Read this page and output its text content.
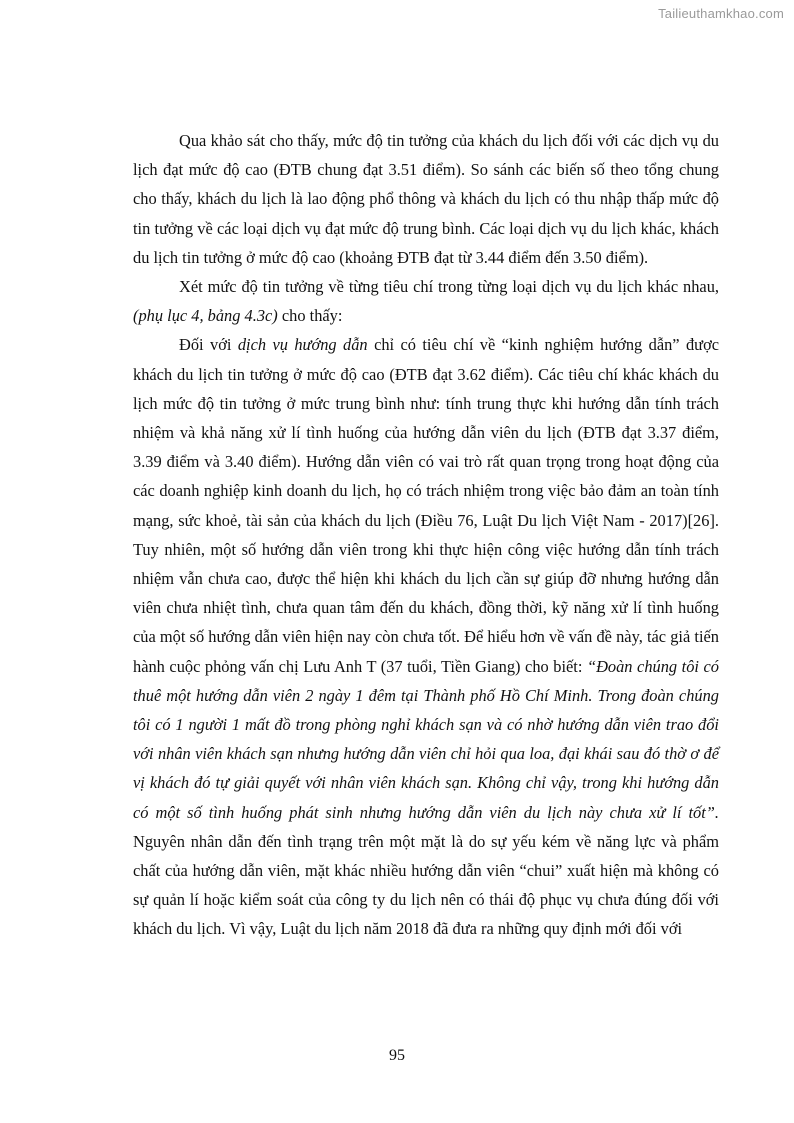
Tailieuthamkhao.com

Qua khảo sát cho thấy, mức độ tin tưởng của khách du lịch đối với các dịch vụ du lịch đạt mức độ cao (ĐTB chung đạt 3.51 điểm). So sánh các biến số theo tổng chung cho thấy, khách du lịch là lao động phổ thông và khách du lịch có thu nhập thấp mức độ tin tưởng về các loại dịch vụ đạt mức độ trung bình. Các loại dịch vụ du lịch khác, khách du lịch tin tưởng ở mức độ cao (khoảng ĐTB đạt từ 3.44 điểm đến 3.50 điểm).

Xét mức độ tin tưởng về từng tiêu chí trong từng loại dịch vụ du lịch khác nhau, (phụ lục 4, bảng 4.3c) cho thấy:

Đối với dịch vụ hướng dẫn chỉ có tiêu chí về “kinh nghiệm hướng dẫn” được khách du lịch tin tưởng ở mức độ cao (ĐTB đạt 3.62 điểm). Các tiêu chí khác khách du lịch mức độ tin tưởng ở mức trung bình như: tính trung thực khi hướng dẫn tính trách nhiệm và khả năng xử lí tình huống của hướng dẫn viên du lịch (ĐTB đạt 3.37 điểm, 3.39 điểm và 3.40 điểm). Hướng dẫn viên có vai trò rất quan trọng trong hoạt động của các doanh nghiệp kinh doanh du lịch, họ có trách nhiệm trong việc bảo đảm an toàn tính mạng, sức khoẻ, tài sản của khách du lịch (Điều 76, Luật Du lịch Việt Nam - 2017)[26]. Tuy nhiên, một số hướng dẫn viên trong khi thực hiện công việc hướng dẫn tính trách nhiệm vẫn chưa cao, được thể hiện khi khách du lịch cần sự giúp đỡ nhưng hướng dẫn viên chưa nhiệt tình, chưa quan tâm đến du khách, đồng thời, kỹ năng xử lí tình huống của một số hướng dẫn viên hiện nay còn chưa tốt. Để hiểu hơn về vấn đề này, tác giả tiến hành cuộc phỏng vấn chị Lưu Anh T (37 tuổi, Tiền Giang) cho biết: “Đoàn chúng tôi có thuê một hướng dẫn viên 2 ngày 1 đêm tại Thành phố Hồ Chí Minh. Trong đoàn chúng tôi có 1 người 1 mất đồ trong phòng nghỉ khách sạn và có nhờ hướng dẫn viên trao đổi với nhân viên khách sạn nhưng hướng dẫn viên chỉ hỏi qua loa, đại khái sau đó thờ ơ để vị khách đó tự giải quyết với nhân viên khách sạn. Không chỉ vậy, trong khi hướng dẫn có một số tình huống phát sinh nhưng hướng dẫn viên du lịch này chưa xử lí tốt”. Nguyên nhân dẫn đến tình trạng trên một mặt là do sự yếu kém về năng lực và phẩm chất của hướng dẫn viên, mặt khác nhiều hướng dẫn viên “chui” xuất hiện mà không có sự quản lí hoặc kiểm soát của công ty du lịch nên có thái độ phục vụ chưa đúng đối với khách du lịch. Vì vậy, Luật du lịch năm 2018 đã đưa ra những quy định mới đối với

95
